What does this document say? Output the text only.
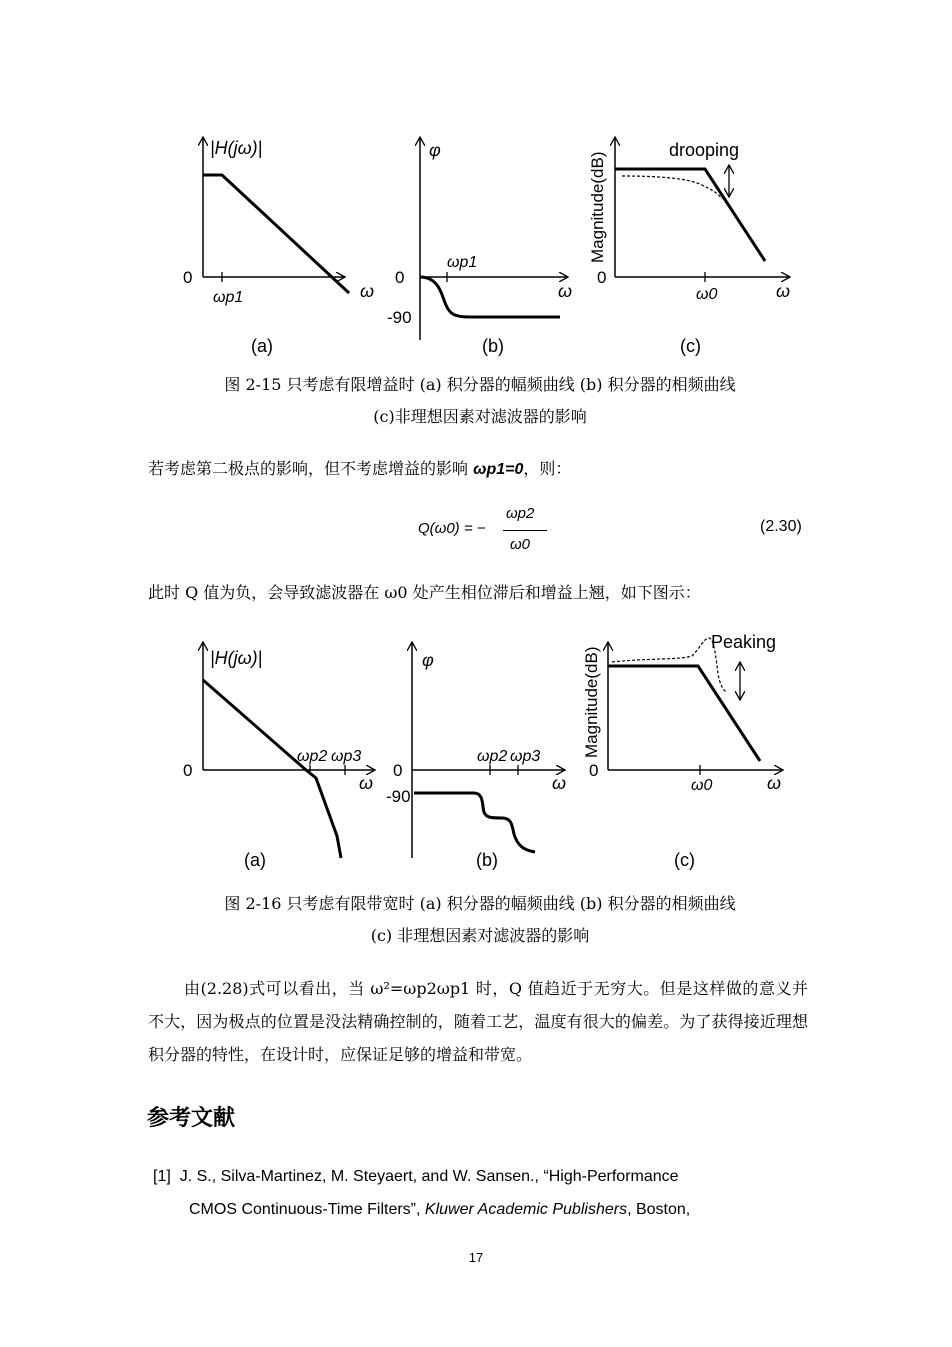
|H(jω)|
0
ωp1	ω
(a)
φ
0
ωp1
-90
ω
(b)
Magnitude(dB)
drooping
0
ω0	ω
(c)
图 2-15 只考虑有限增益时 (a) 积分器的幅频曲线 (b) 积分器的相频曲线
(c)非理想因素对滤波器的影响
若考虑第二极点的影响，但不考虑增益的影响 ωp1=0，则：
Q(ω0) = −
ωp2
ω0
(2.30)
此时 Q 值为负，会导致滤波器在 ω0 处产生相位滞后和增益上翘，如下图示：
|H(jω)|
0
ωp2 ωp3
ω
(a)
φ
0
ωp2 ωp3
-90
ω
(b)
Magnitude(dB)
Peaking
0
ω0	ω
(c)
图 2-16 只考虑有限带宽时 (a) 积分器的幅频曲线 (b) 积分器的相频曲线
(c) 非理想因素对滤波器的影响
由(2.28)式可以看出，当 ω²=ωp2ωp1 时，Q 值趋近于无穷大。但是这样做的意义并不大，因为极点的位置是没法精确控制的，随着工艺，温度有很大的偏差。为了获得接近理想积分器的特性，在设计时，应保证足够的增益和带宽。
参考文献
[1] J. S., Silva-Martinez, M. Steyaert, and W. Sansen., “High-Performance
CMOS Continuous-Time Filters”, Kluwer Academic Publishers, Boston,
17
